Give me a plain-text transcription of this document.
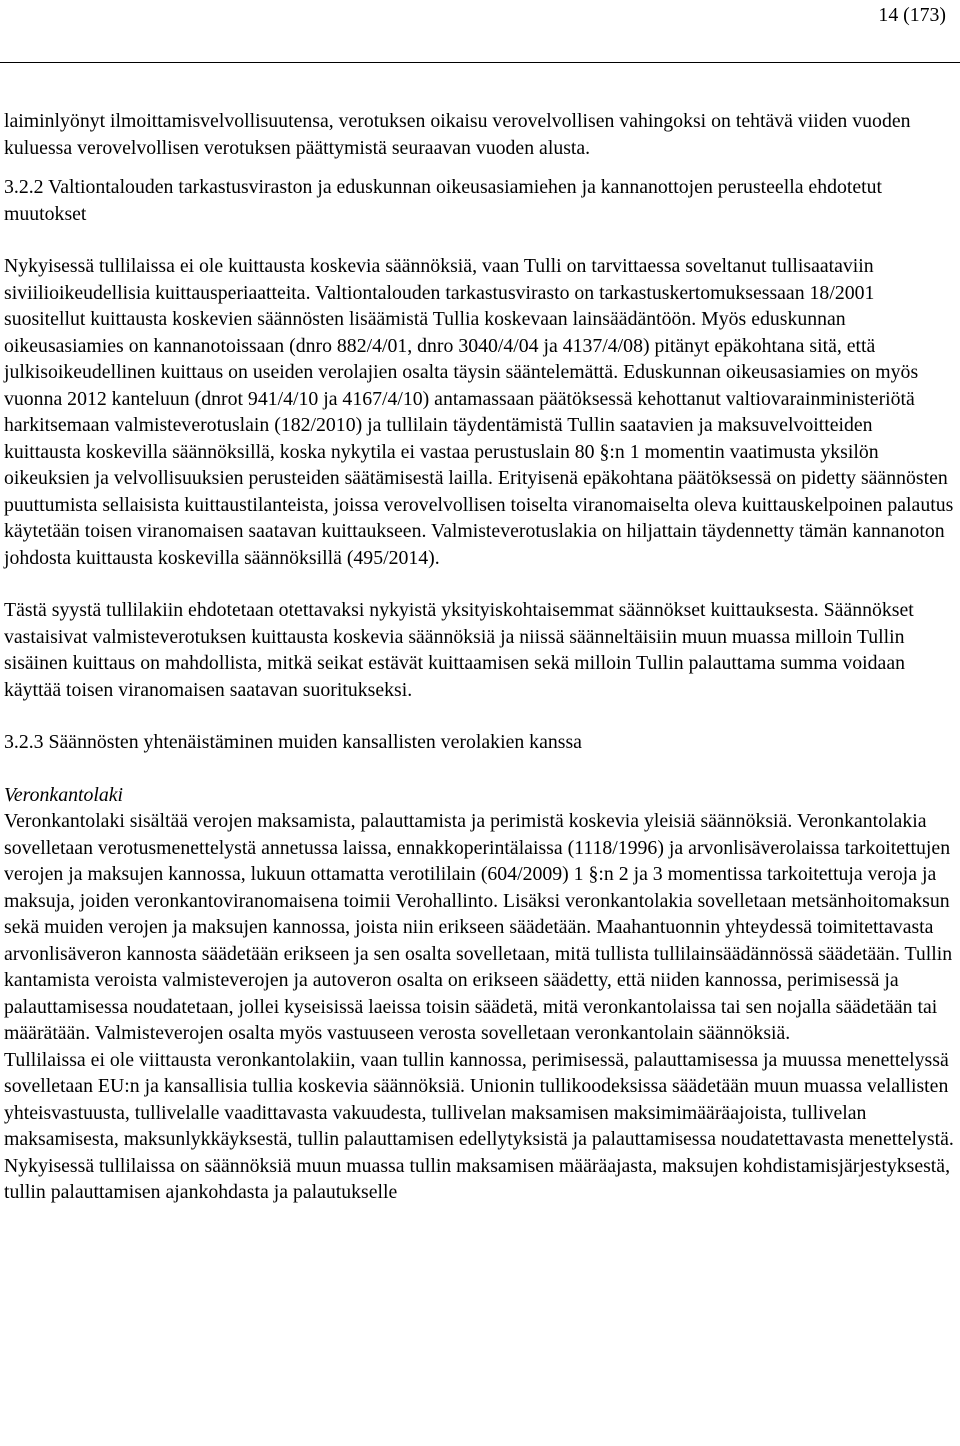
14 (173)

laiminlyönyt ilmoittamisvelvollisuutensa, verotuksen oikaisu verovelvollisen vahingoksi on tehtävä viiden vuoden kuluessa verovelvollisen verotuksen päättymistä seuraavan vuoden alusta.

3.2.2 Valtiontalouden tarkastusviraston ja eduskunnan oikeusasiamiehen ja kannanottojen perusteella ehdotetut muutokset

Nykyisessä tullilaissa ei ole kuittausta koskevia säännöksiä, vaan Tulli on tarvittaessa soveltanut tullisaataviin siviilioikeudellisia kuittausperiaatteita. Valtiontalouden tarkastusvirasto on tarkastuskertomuksessaan 18/2001 suositellut kuittausta koskevien säännösten lisäämistä Tullia koskevaan lainsäädäntöön. Myös eduskunnan oikeusasiamies on kannanotoissaan (dnro 882/4/01, dnro 3040/4/04 ja 4137/4/08) pitänyt epäkohtana sitä, että julkisoikeudellinen kuittaus on useiden verolajien osalta täysin sääntelemättä. Eduskunnan oikeusasiamies on myös vuonna 2012 kanteluun (dnrot 941/4/10 ja 4167/4/10) antamassaan päätöksessä kehottanut valtiovarainministeriötä harkitsemaan valmisteverotuslain (182/2010) ja tullilain täydentämistä Tullin saatavien ja maksuvelvoitteiden kuittausta koskevilla säännöksillä, koska nykytila ei vastaa perustuslain 80 §:n 1 momentin vaatimusta yksilön oikeuksien ja velvollisuuksien perusteiden säätämisestä lailla. Erityisenä epäkohtana päätöksessä on pidetty säännösten puuttumista sellaisista kuittaustilanteista, joissa verovelvollisen toiselta viranomaiselta oleva kuittauskelpoinen palautus käytetään toisen viranomaisen saatavan kuittaukseen. Valmisteverotuslakia on hiljattain täydennetty tämän kannanoton johdosta kuittausta koskevilla säännöksillä (495/2014).

Tästä syystä tullilakiin ehdotetaan otettavaksi nykyistä yksityiskohtaisemmat säännökset kuittauksesta. Säännökset vastaisivat valmisteverotuksen kuittausta koskevia säännöksiä ja niissä säänneltäisiin muun muassa milloin Tullin sisäinen kuittaus on mahdollista, mitkä seikat estävät kuittaamisen sekä milloin Tullin palauttama summa voidaan käyttää toisen viranomaisen saatavan suoritukseksi.

3.2.3 Säännösten yhtenäistäminen muiden kansallisten verolakien kanssa

Veronkantolaki

Veronkantolaki sisältää verojen maksamista, palauttamista ja perimistä koskevia yleisiä säännöksiä. Veronkantolakia sovelletaan verotusmenettelystä annetussa laissa, ennakkoperintälaissa (1118/1996) ja arvonlisäverolaissa tarkoitettujen verojen ja maksujen kannossa, lukuun ottamatta verotililain (604/2009) 1 §:n 2 ja 3 momentissa tarkoitettuja veroja ja maksuja, joiden veronkantoviranomaisena toimii Verohallinto. Lisäksi veronkantolakia sovelletaan metsänhoitomaksun sekä muiden verojen ja maksujen kannossa, joista niin erikseen säädetään. Maahantuonnin yhteydessä toimitettavasta arvonlisäveron kannosta säädetään erikseen ja sen osalta sovelletaan, mitä tullista tullilainsäädännössä säädetään. Tullin kantamista veroista valmisteverojen ja autoveron osalta on erikseen säädetty, että niiden kannossa, perimisessä ja palauttamisessa noudatetaan, jollei kyseisissä laeissa toisin säädetä, mitä veronkantolaissa tai sen nojalla säädetään tai määrätään. Valmisteverojen osalta myös vastuuseen verosta sovelletaan veronkantolain säännöksiä.

Tullilaissa ei ole viittausta veronkantolakiin, vaan tullin kannossa, perimisessä, palauttamisessa ja muussa menettelyssä sovelletaan EU:n ja kansallisia tullia koskevia säännöksiä. Unionin tullikoodeksissa säädetään muun muassa velallisten yhteisvastuusta, tullivelalle vaadittavasta vakuudesta, tullivelan maksamisen maksimimääräajoista, tullivelan maksamisesta, maksunlykkäyksestä, tullin palauttamisen edellytyksistä ja palauttamisessa noudatettavasta menettelystä. Nykyisessä tullilaissa on säännöksiä muun muassa tullin maksamisen määräajasta, maksujen kohdistamisjärjestyksestä, tullin palauttamisen ajankohdasta ja palautukselle
